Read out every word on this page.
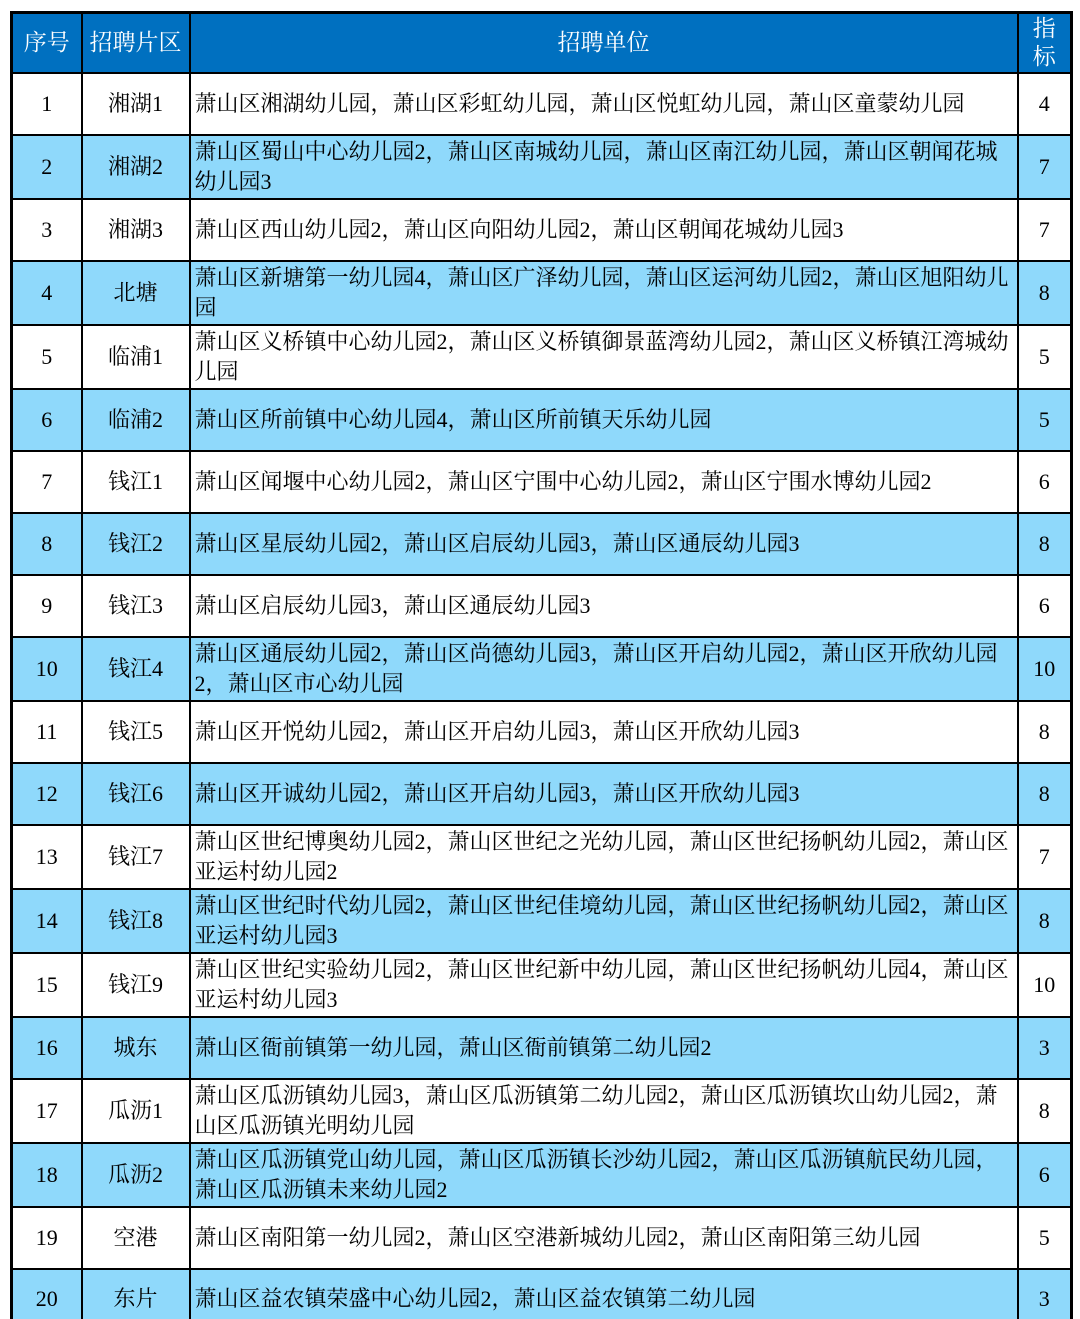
序号	招聘片区	招聘单位	指标
1	湘湖1	萧山区湘湖幼儿园，萧山区彩虹幼儿园，萧山区悦虹幼儿园，萧山区童蒙幼儿园	4
2	湘湖2	萧山区蜀山中心幼儿园2，萧山区南城幼儿园，萧山区南江幼儿园，萧山区朝闻花城幼儿园3	7
3	湘湖3	萧山区西山幼儿园2，萧山区向阳幼儿园2，萧山区朝闻花城幼儿园3	7
4	北塘	萧山区新塘第一幼儿园4，萧山区广泽幼儿园，萧山区运河幼儿园2，萧山区旭阳幼儿园	8
5	临浦1	萧山区义桥镇中心幼儿园2，萧山区义桥镇御景蓝湾幼儿园2，萧山区义桥镇江湾城幼儿园	5
6	临浦2	萧山区所前镇中心幼儿园4，萧山区所前镇天乐幼儿园	5
7	钱江1	萧山区闻堰中心幼儿园2，萧山区宁围中心幼儿园2，萧山区宁围水博幼儿园2	6
8	钱江2	萧山区星辰幼儿园2，萧山区启辰幼儿园3，萧山区通辰幼儿园3	8
9	钱江3	萧山区启辰幼儿园3，萧山区通辰幼儿园3	6
10	钱江4	萧山区通辰幼儿园2，萧山区尚德幼儿园3，萧山区开启幼儿园2，萧山区开欣幼儿园2，萧山区市心幼儿园	10
11	钱江5	萧山区开悦幼儿园2，萧山区开启幼儿园3，萧山区开欣幼儿园3	8
12	钱江6	萧山区开诚幼儿园2，萧山区开启幼儿园3，萧山区开欣幼儿园3	8
13	钱江7	萧山区世纪博奥幼儿园2，萧山区世纪之光幼儿园，萧山区世纪扬帆幼儿园2，萧山区亚运村幼儿园2	7
14	钱江8	萧山区世纪时代幼儿园2，萧山区世纪佳境幼儿园，萧山区世纪扬帆幼儿园2，萧山区亚运村幼儿园3	8
15	钱江9	萧山区世纪实验幼儿园2，萧山区世纪新中幼儿园，萧山区世纪扬帆幼儿园4，萧山区亚运村幼儿园3	10
16	城东	萧山区衙前镇第一幼儿园，萧山区衙前镇第二幼儿园2	3
17	瓜沥1	萧山区瓜沥镇幼儿园3，萧山区瓜沥镇第二幼儿园2，萧山区瓜沥镇坎山幼儿园2，萧山区瓜沥镇光明幼儿园	8
18	瓜沥2	萧山区瓜沥镇党山幼儿园，萧山区瓜沥镇长沙幼儿园2，萧山区瓜沥镇航民幼儿园，萧山区瓜沥镇未来幼儿园2	6
19	空港	萧山区南阳第一幼儿园2，萧山区空港新城幼儿园2，萧山区南阳第三幼儿园	5
20	东片	萧山区益农镇荣盛中心幼儿园2，萧山区益农镇第二幼儿园	3
